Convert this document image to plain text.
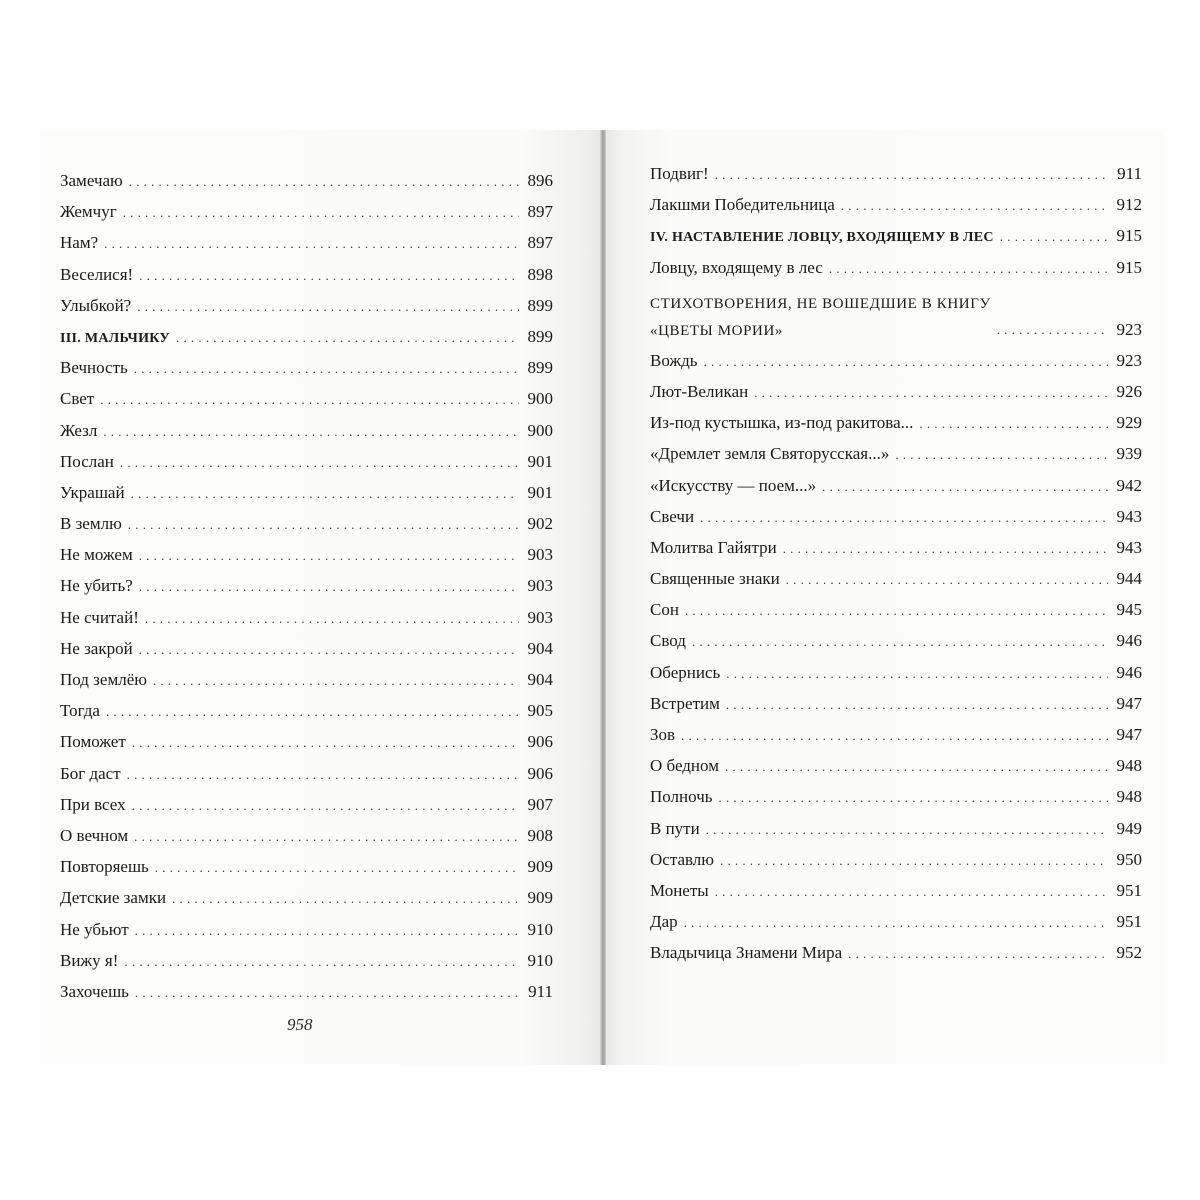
Замечаю .....	896
Жемчуг .....	897
Нам? .....	897
Веселися! .....	898
Улыбкой? .....	899
III. МАЛЬЧИКУ .....	899
Вечность .....	899
Свет .....	900
Жезл .....	900
Послан .....	901
Украшай .....	901
В землю .....	902
Не можем .....	903
Не убить? .....	903
Не считай! .....	903
Не закрой .....	904
Под землёю .....	904
Тогда .....	905
Поможет .....	906
Бог даст .....	906
При всех .....	907
О вечном .....	908
Повторяешь .....	909
Детские замки .....	909
Не убьют .....	910
Вижу я! .....	910
Захочешь .....	911
958
Подвиг! .....	911
Лакшми Победительница .....	912
IV. НАСТАВЛЕНИЕ ЛОВЦУ, ВХОДЯЩЕМУ В ЛЕС .....	915
Ловцу, входящему в лес .....	915
СТИХОТВОРЕНИЯ, НЕ ВОШЕДШИЕ В КНИГУ
«ЦВЕТЫ МОРИИ» .....	923
Вождь .....	923
Лют-Великан .....	926
Из-под кустышка, из-под ракитова... .....	929
«Дремлет земля Святорусская...» .....	939
«Искусству — поем...» .....	942
Свечи .....	943
Молитва Гайятри .....	943
Священные знаки .....	944
Сон .....	945
Свод .....	946
Обернись .....	946
Встретим .....	947
Зов .....	947
О бедном .....	948
Полночь .....	948
В пути .....	949
Оставлю .....	950
Монеты .....	951
Дар .....	951
Владычица Знамени Мира .....	952
